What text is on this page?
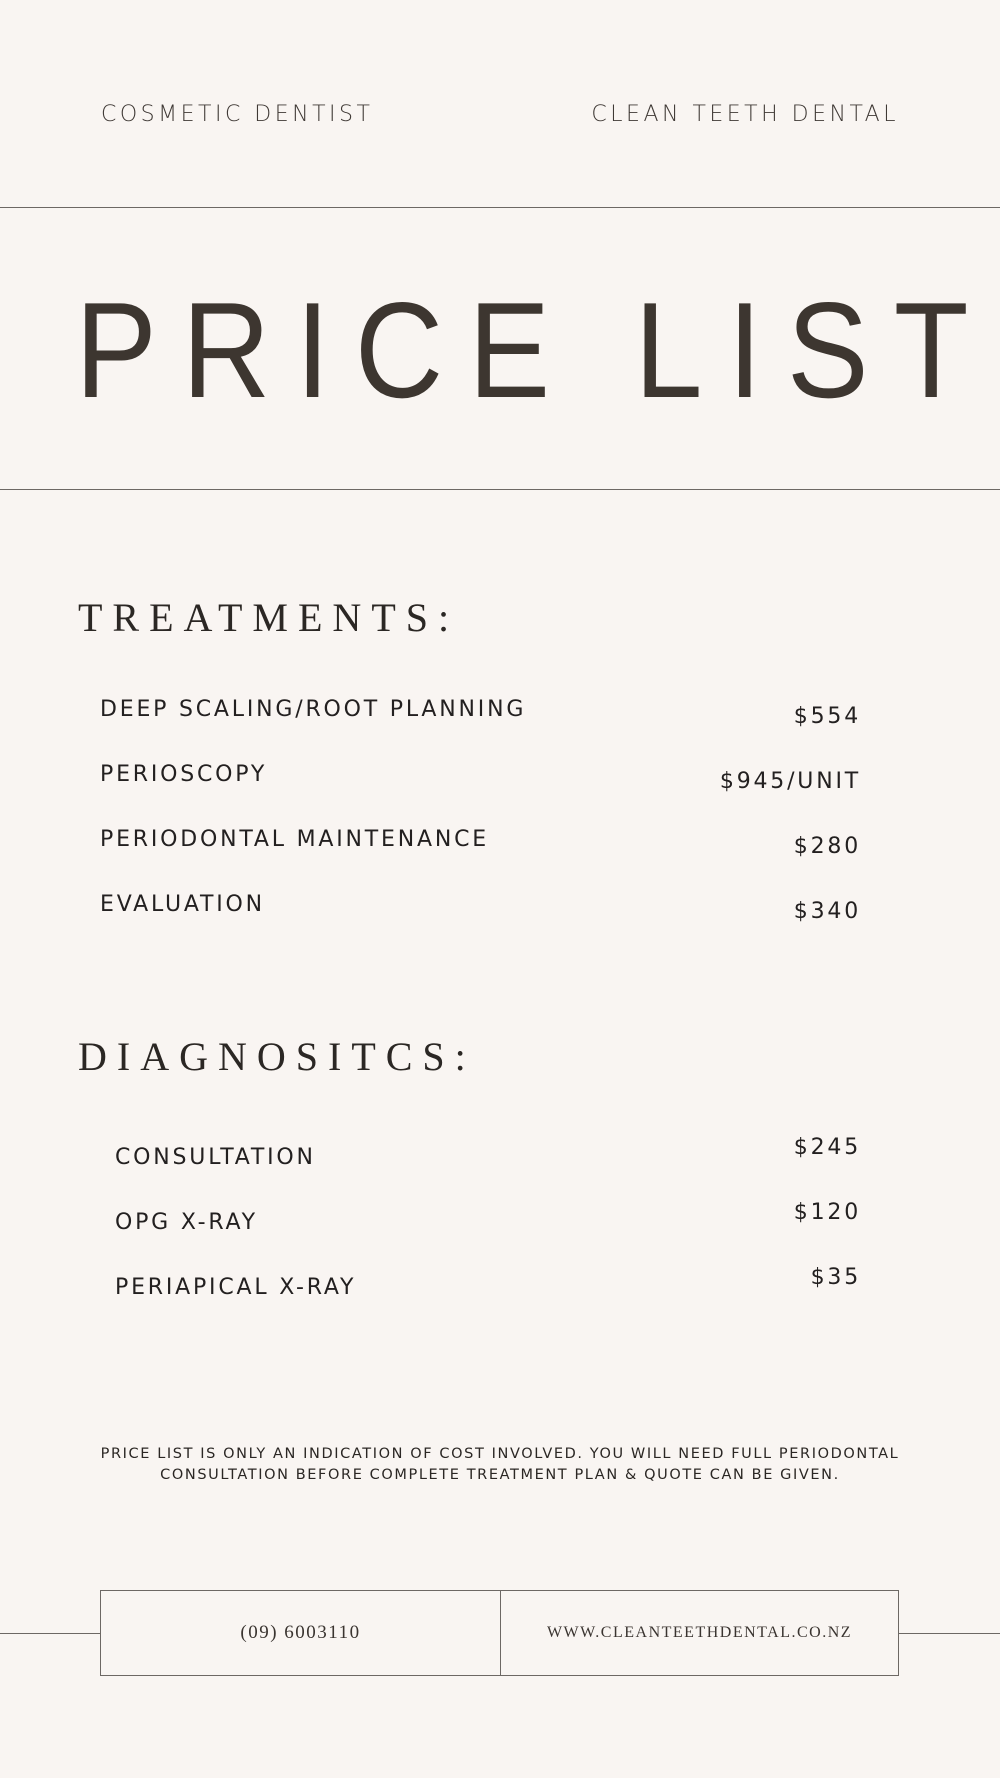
COSMETIC DENTIST	CLEAN TEETH DENTAL
PRICE LIST
TREATMENTS:
DEEP SCALING/ROOT PLANNING	$554
PERIOSCOPY	$945/UNIT
PERIODONTAL MAINTENANCE	$280
EVALUATION	$340
DIAGNOSITCS:
CONSULTATION	$245
OPG X-RAY	$120
PERIAPICAL X-RAY	$35
PRICE LIST IS ONLY AN INDICATION OF COST INVOLVED. YOU WILL NEED FULL PERIODONTAL CONSULTATION BEFORE COMPLETE TREATMENT PLAN & QUOTE CAN BE GIVEN.
(09) 6003110	WWW.CLEANTEETHDENTAL.CO.NZ
